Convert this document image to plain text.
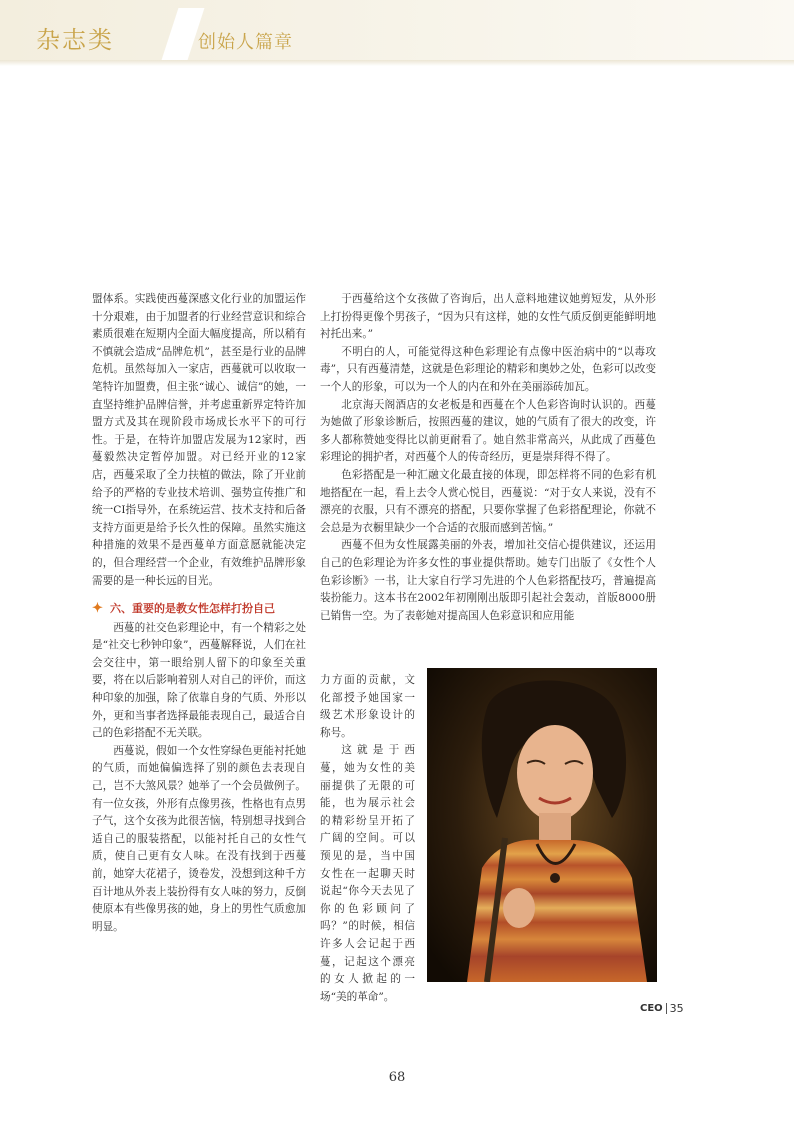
杂志类	创始人篇章

盟体系。实践使西蔓深感文化行业的加盟运作十分艰难，由于加盟者的行业经营意识和综合素质很难在短期内全面大幅度提高，所以稍有不慎就会造成“品牌危机”，甚至是行业的品牌危机。虽然每加入一家店，西蔓就可以收取一笔特许加盟费，但主张“诚心、诚信”的她，一直坚持维护品牌信誉，并考虑重新界定特许加盟方式及其在现阶段市场成长水平下的可行性。于是，在特许加盟店发展为12家时，西蔓毅然决定暂停加盟。对已经开业的12家店，西蔓采取了全力扶植的做法，除了开业前给予的严格的专业技术培训、强势宣传推广和统一CI指导外，在系统运营、技术支持和后备支持方面更是给予长久性的保障。虽然实施这种措施的效果不是西蔓单方面意愿就能决定的，但合理经营一个企业，有效维护品牌形象需要的是一种长远的目光。

✦
六、重要的是教女性怎样打扮自己

西蔓的社交色彩理论中，有一个精彩之处是“社交七秒钟印象”，西蔓解释说，人们在社会交往中，第一眼给别人留下的印象至关重要，将在以后影响着别人对自己的评价，而这种印象的加强，除了依靠自身的气质、外形以外，更和当事者选择最能表现自己，最适合自己的色彩搭配不无关联。

西蔓说，假如一个女性穿绿色更能衬托她的气质，而她偏偏选择了别的颜色去表现自己，岂不大煞风景？她举了一个会员做例子。有一位女孩，外形有点像男孩，性格也有点男子气，这个女孩为此很苦恼，特别想寻找到合适自己的服装搭配，以能衬托自己的女性气质，使自己更有女人味。在没有找到于西蔓前，她穿大花裙子，烫卷发，没想到这种千方百计地从外表上装扮得有女人味的努力，反倒使原本有些像男孩的她，身上的男性气质愈加明显。

于西蔓给这个女孩做了咨询后，出人意料地建议她剪短发，从外形上打扮得更像个男孩子，“因为只有这样，她的女性气质反倒更能鲜明地衬托出来。”

不明白的人，可能觉得这种色彩理论有点像中医治病中的“以毒攻毒”，只有西蔓清楚，这就是色彩理论的精彩和奥妙之处，色彩可以改变一个人的形象，可以为一个人的内在和外在美丽添砖加瓦。

北京海天阁酒店的女老板是和西蔓在个人色彩咨询时认识的。西蔓为她做了形象诊断后，按照西蔓的建议，她的气质有了很大的改变，许多人都称赞她变得比以前更耐看了。她自然非常高兴，从此成了西蔓色彩理论的拥护者，对西蔓个人的传奇经历，更是崇拜得不得了。

色彩搭配是一种汇融文化最直接的体现，即怎样将不同的色彩有机地搭配在一起，看上去令人赏心悦目，西蔓说：“对于女人来说，没有不漂亮的衣服，只有不漂亮的搭配，只要你掌握了色彩搭配理论，你就不会总是为衣橱里缺少一个合适的衣服而感到苦恼。”

西蔓不但为女性展露美丽的外表，增加社交信心提供建议，还运用自己的色彩理论为许多女性的事业提供帮助。她专门出版了《女性个人色彩诊断》一书，让大家自行学习先进的个人色彩搭配技巧，普遍提高装扮能力。这本书在2002年初刚刚出版即引起社会轰动，首版8000册已销售一空。为了表彰她对提高国人色彩意识和应用能

力方面的贡献，文化部授予她国家一级艺术形象设计的称号。

这就是于西蔓，她为女性的美丽提供了无限的可能，也为展示社会的精彩纷呈开拓了广阔的空间。可以预见的是，当中国女性在一起聊天时说起“你今天去见了你的色彩顾问了吗？”的时候，相信许多人会记起于西蔓，记起这个漂亮的女人掀起的一场“美的革命”。

CEO 35
68
